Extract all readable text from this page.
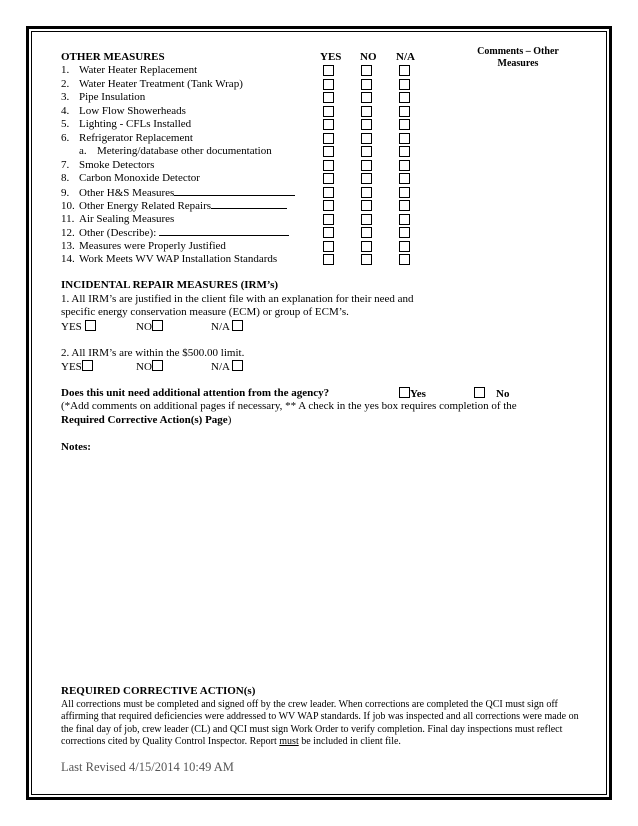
Comments – Other Measures
OTHER MEASURES	YES NO N/A
1. Water Heater Replacement
2. Water Heater Treatment (Tank Wrap)
3. Pipe Insulation
4. Low Flow Showerheads
5. Lighting - CFLs Installed
6. Refrigerator Replacement
a. Metering/database other documentation
7. Smoke Detectors
8. Carbon Monoxide Detector
9. Other H&S Measures
10. Other Energy Related Repairs
11. Air Sealing Measures
12. Other (Describe):
13. Measures were Properly Justified
14. Work Meets WV WAP Installation Standards
INCIDENTAL REPAIR MEASURES (IRM’s)
1. All IRM’s are justified in the client file with an explanation for their need and
specific energy conservation measure (ECM) or group of ECM’s.
YES	NO	N/A
2. All IRM’s are within the $500.00 limit.
YES	NO	N/A
Does this unit need additional attention from the agency?	Yes	No
(*Add comments on additional pages if necessary, ** A check in the yes box requires completion of the
Required Corrective Action(s) Page)
Notes:
REQUIRED CORRECTIVE ACTION(s)
All corrections must be completed and signed off by the crew leader. When corrections are completed the QCI must sign off affirming that required deficiencies were addressed to WV WAP standards. If job was inspected and all corrections were made on the final day of job, crew leader (CL) and QCI must sign Work Order to verify completion. Final day inspections must reflect corrections cited by Quality Control Inspector. Report must be included in client file.
Last Revised 4/15/2014 10:49 AM
